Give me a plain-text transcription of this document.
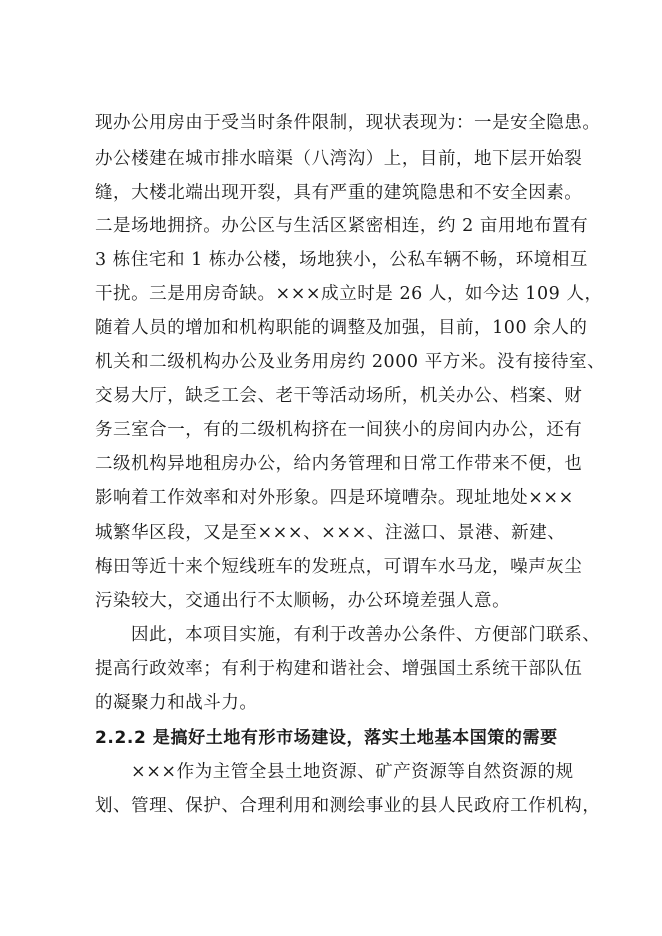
现办公用房由于受当时条件限制，现状表现为：一是安全隐患。
办公楼建在城市排水暗渠（八湾沟）上，目前，地下层开始裂
缝，大楼北端出现开裂，具有严重的建筑隐患和不安全因素。
二是场地拥挤。办公区与生活区紧密相连，约 2 亩用地布置有
3 栋住宅和 1 栋办公楼，场地狭小，公私车辆不畅，环境相互
干扰。三是用房奇缺。×××成立时是 26 人，如今达 109 人，
随着人员的增加和机构职能的调整及加强，目前，100 余人的
机关和二级机构办公及业务用房约 2000 平方米。没有接待室、
交易大厅，缺乏工会、老干等活动场所，机关办公、档案、财
务三室合一，有的二级机构挤在一间狭小的房间内办公，还有
二级机构异地租房办公，给内务管理和日常工作带来不便，也
影响着工作效率和对外形象。四是环境嘈杂。现址地处×××
城繁华区段，又是至×××、×××、注滋口、景港、新建、
梅田等近十来个短线班车的发班点，可谓车水马龙，噪声灰尘
污染较大，交通出行不太顺畅，办公环境差强人意。
因此，本项目实施，有利于改善办公条件、方便部门联系、
提高行政效率；有利于构建和谐社会、增强国土系统干部队伍
的凝聚力和战斗力。
2.2.2 是搞好土地有形市场建设，落实土地基本国策的需要
×××作为主管全县土地资源、矿产资源等自然资源的规
划、管理、保护、合理利用和测绘事业的县人民政府工作机构，
